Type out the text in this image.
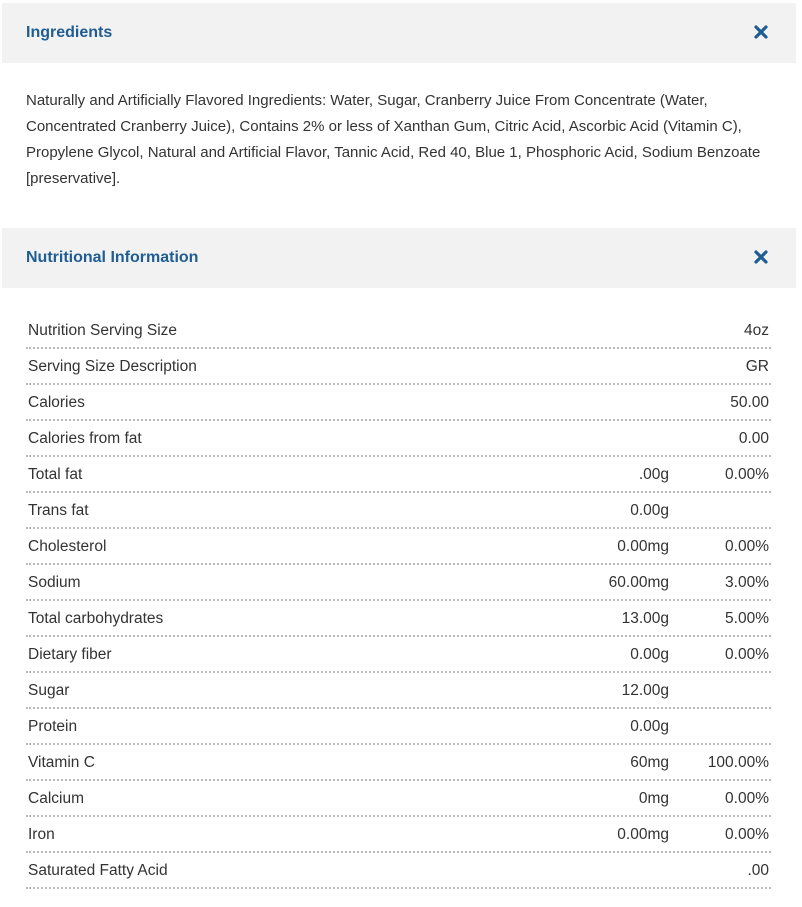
Ingredients
Naturally and Artificially Flavored Ingredients: Water, Sugar, Cranberry Juice From Concentrate (Water, Concentrated Cranberry Juice), Contains 2% or less of Xanthan Gum, Citric Acid, Ascorbic Acid (Vitamin C), Propylene Glycol, Natural and Artificial Flavor, Tannic Acid, Red 40, Blue 1, Phosphoric Acid, Sodium Benzoate [preservative].
Nutritional Information
Nutrition Serving Size	4oz
Serving Size Description	GR
Calories	50.00
Calories from fat	0.00
Total fat	.00g	0.00%
Trans fat	0.00g
Cholesterol	0.00mg	0.00%
Sodium	60.00mg	3.00%
Total carbohydrates	13.00g	5.00%
Dietary fiber	0.00g	0.00%
Sugar	12.00g
Protein	0.00g
Vitamin C	60mg	100.00%
Calcium	0mg	0.00%
Iron	0.00mg	0.00%
Saturated Fatty Acid	.00
